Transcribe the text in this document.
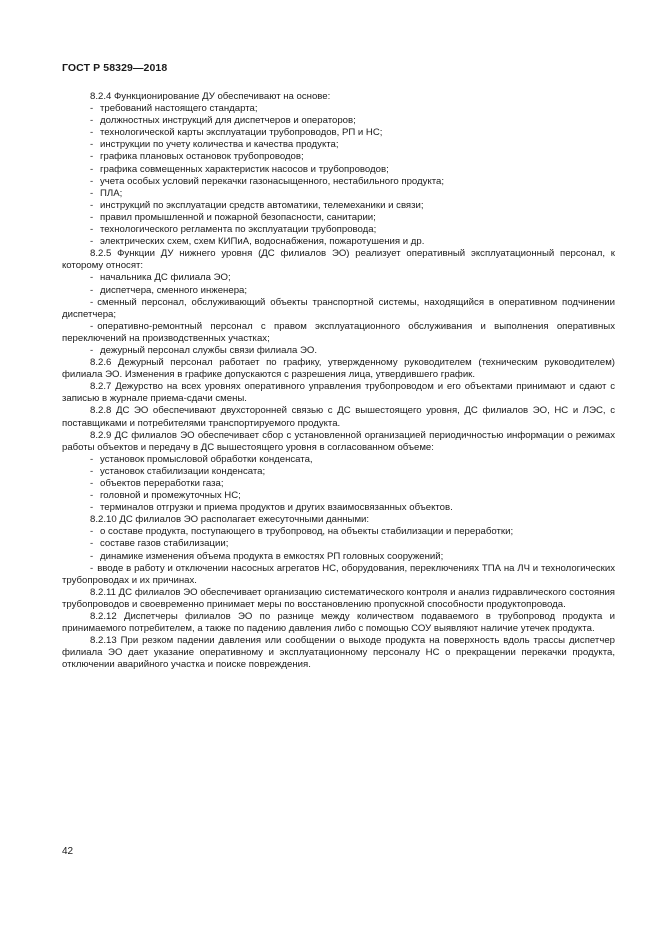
ГОСТ Р 58329—2018
8.2.4 Функционирование ДУ обеспечивают на основе:
- требований настоящего стандарта;
- должностных инструкций для диспетчеров и операторов;
- технологической карты эксплуатации трубопроводов, РП и НС;
- инструкции по учету количества и качества продукта;
- графика плановых остановок трубопроводов;
- графика совмещенных характеристик насосов и трубопроводов;
- учета особых условий перекачки газонасыщенного, нестабильного продукта;
- ПЛА;
- инструкций по эксплуатации средств автоматики, телемеханики и связи;
- правил промышленной и пожарной безопасности, санитарии;
- технологического регламента по эксплуатации трубопровода;
- электрических схем, схем КИПиА, водоснабжения, пожаротушения и др.
8.2.5 Функции ДУ нижнего уровня (ДС филиалов ЭО) реализует оперативный эксплуатационный персонал, к которому относят:
- начальника ДС филиала ЭО;
- диспетчера, сменного инженера;
- сменный персонал, обслуживающий объекты транспортной системы, находящийся в оперативном подчинении диспетчера;
- оперативно-ремонтный персонал с правом эксплуатационного обслуживания и выполнения оперативных переключений на производственных участках;
- дежурный персонал службы связи филиала ЭО.
8.2.6 Дежурный персонал работает по графику, утвержденному руководителем (техническим руководителем) филиала ЭО. Изменения в графике допускаются с разрешения лица, утвердившего график.
8.2.7 Дежурство на всех уровнях оперативного управления трубопроводом и его объектами принимают и сдают с записью в журнале приема-сдачи смены.
8.2.8 ДС ЭО обеспечивают двухсторонней связью с ДС вышестоящего уровня, ДС филиалов ЭО, НС и ЛЭС, с поставщиками и потребителями транспортируемого продукта.
8.2.9 ДС филиалов ЭО обеспечивает сбор с установленной организацией периодичностью информации о режимах работы объектов и передачу в ДС вышестоящего уровня в согласованном объеме:
- установок промысловой обработки конденсата,
- установок стабилизации конденсата;
- объектов переработки газа;
- головной и промежуточных НС;
- терминалов отгрузки и приема продуктов и других взаимосвязанных объектов.
8.2.10 ДС филиалов ЭО располагает ежесуточными данными:
- о составе продукта, поступающего в трубопровод, на объекты стабилизации и переработки;
- составе газов стабилизации;
- динамике изменения объема продукта в емкостях РП головных сооружений;
- вводе в работу и отключении насосных агрегатов НС, оборудования, переключениях ТПА на ЛЧ и технологических трубопроводах и их причинах.
8.2.11 ДС филиалов ЭО обеспечивает организацию систематического контроля и анализ гидравлического состояния трубопроводов и своевременно принимает меры по восстановлению пропускной способности продуктопровода.
8.2.12 Диспетчеры филиалов ЭО по разнице между количеством подаваемого в трубопровод продукта и принимаемого потребителем, а также по падению давления либо с помощью СОУ выявляют наличие утечек продукта.
8.2.13 При резком падении давления или сообщении о выходе продукта на поверхность вдоль трассы диспетчер филиала ЭО дает указание оперативному и эксплуатационному персоналу НС о прекращении перекачки продукта, отключении аварийного участка и поиске повреждения.
42
